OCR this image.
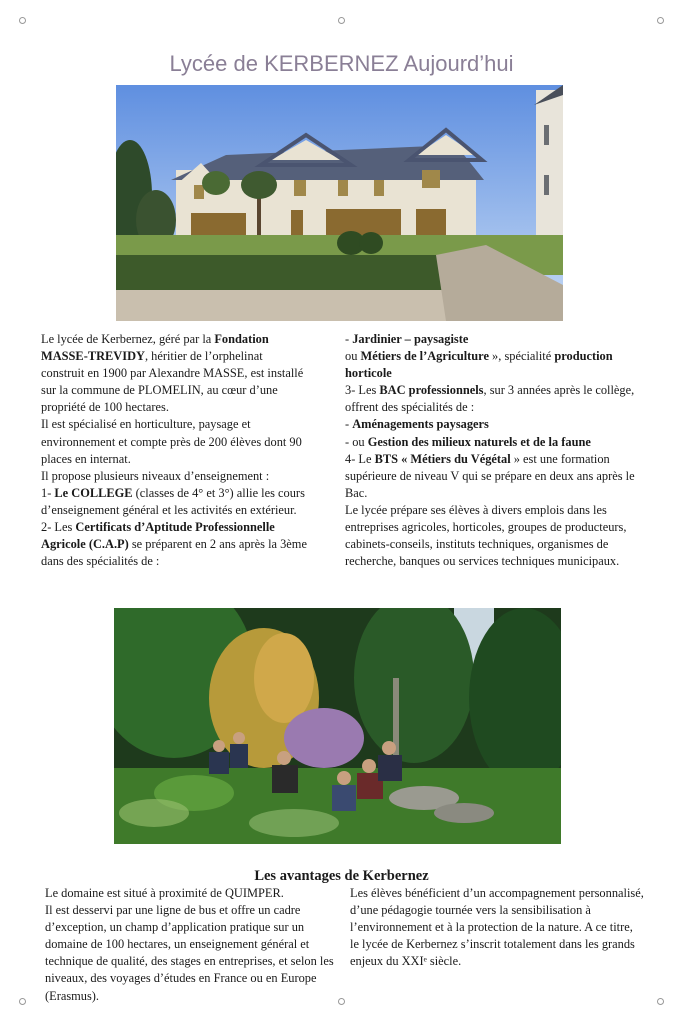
Lycée de KERBERNEZ Aujourd’hui

Le lycée de Kerbernez, géré par la Fondation MASSE-TREVIDY, héritier de l’orphelinat construit en 1900 par Alexandre MASSE, est installé sur la commune de PLOMELIN, au cœur d’une propriété de 100 hectares.

Il est spécialisé en horticulture, paysage et environnement et compte près de 200 élèves dont 90 places en internat.

Il propose plusieurs niveaux d’enseignement :

1- Le COLLEGE (classes de 4° et 3°) allie les cours d’enseignement général et les activités en extérieur.

2- Les Certificats d’Aptitude Professionnelle Agricole (C.A.P) se préparent en 2 ans après la 3ème dans des spécialités de :

- Jardinier – paysagiste

ou Métiers de l’Agriculture », spécialité production horticole

3- Les BAC professionnels, sur 3 années après le collège, offrent des spécialités de :

- Aménagements paysagers

- ou Gestion des milieux naturels et de la faune

4- Le BTS « Métiers du Végétal » est une formation supérieure de niveau V qui se prépare en deux ans après le Bac.

Le lycée prépare ses élèves à divers emplois dans les entreprises agricoles, horticoles, groupes de producteurs, cabinets-conseils, instituts techniques, organismes de recherche, banques ou services techniques municipaux.

Les avantages de Kerbernez

Le domaine est situé à proximité de QUIMPER.

Il est desservi par une ligne de bus et offre un cadre d’exception, un champ d’application pratique sur un domaine de 100 hectares, un enseignement général et technique de qualité, des stages en entreprises, et selon les niveaux, des voyages d’études en France ou en Europe (Erasmus).

Les élèves bénéficient d’un accompagnement personnalisé, d’une pédagogie tournée vers la sensibilisation à l’environnement et à la protection de la nature. A ce titre, le lycée de Kerbernez s’inscrit totalement dans les grands enjeux du XXIᵉ siècle.
